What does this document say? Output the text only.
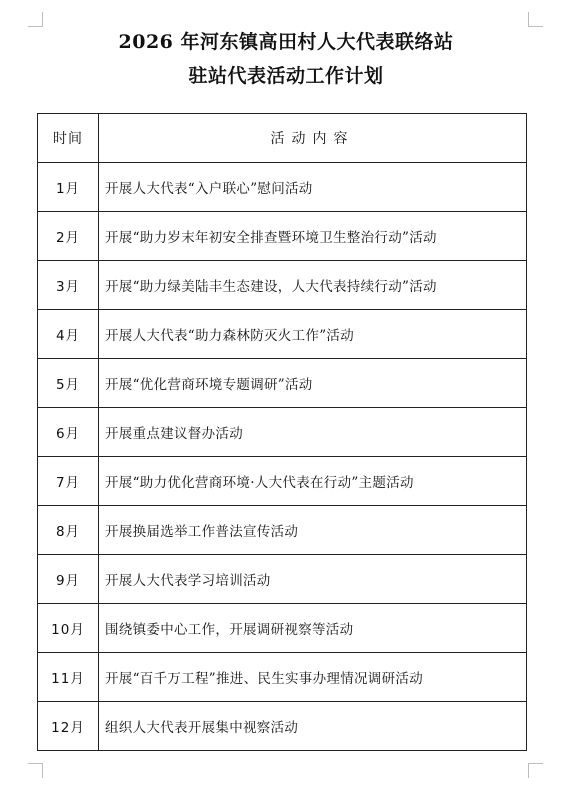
2026 年河东镇高田村人大代表联络站
驻站代表活动工作计划
时间	活动内容
1月	开展人大代表“入户联心”慰问活动
2月	开展“助力岁末年初安全排查暨环境卫生整治行动”活动
3月	开展“助力绿美陆丰生态建设，人大代表持续行动”活动
4月	开展人大代表“助力森林防灭火工作”活动
5月	开展“优化营商环境专题调研”活动
6月	开展重点建议督办活动
7月	开展“助力优化营商环境·人大代表在行动”主题活动
8月	开展换届选举工作普法宣传活动
9月	开展人大代表学习培训活动
10月	围绕镇委中心工作，开展调研视察等活动
11月	开展“百千万工程”推进、民生实事办理情况调研活动
12月	组织人大代表开展集中视察活动
